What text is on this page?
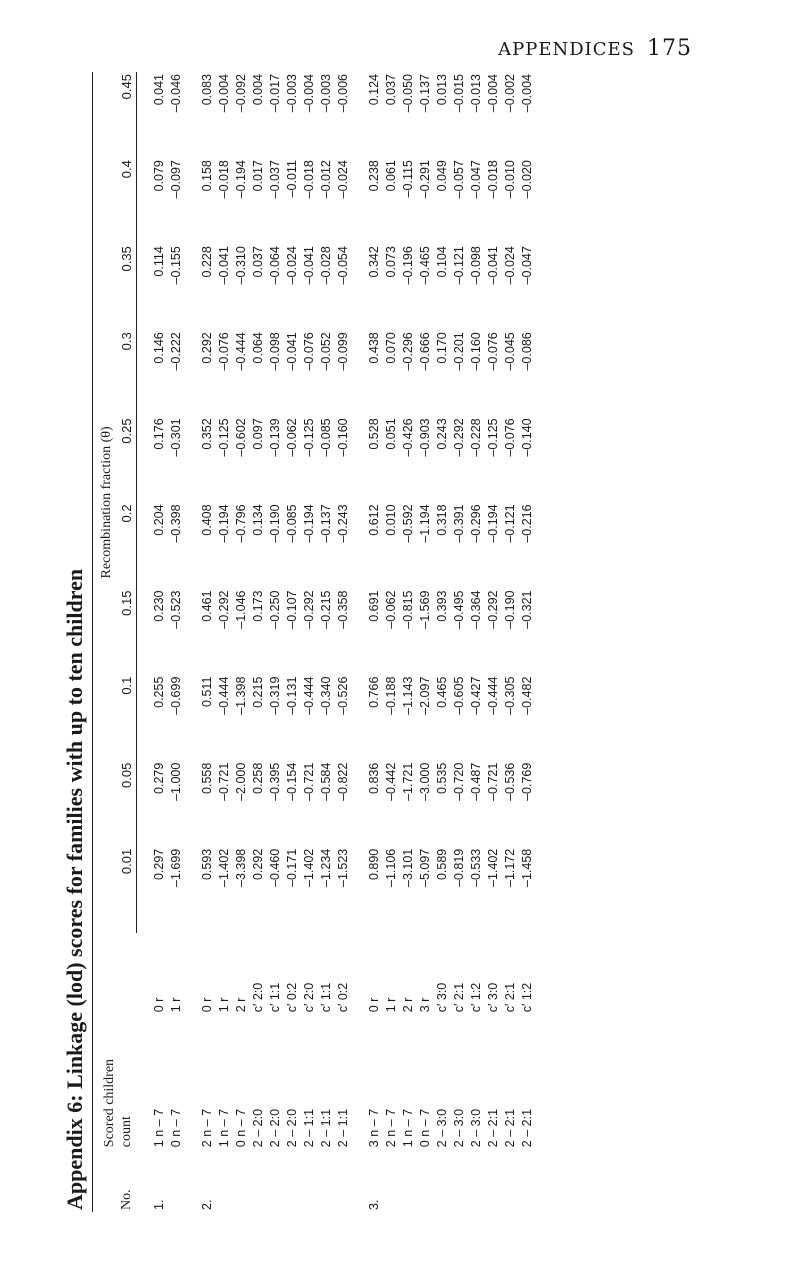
APPENDICES 175
Appendix 6: Linkage (lod) scores for families with up to ten children No.	Scored children count		Recombination fraction (θ)									
			0.01	0.05	0.1	0.15	0.2	0.25	0.3	0.35	0.4	0.45
1.	1 n – 7	0 r	0.297	0.279	0.255	0.230	0.204	0.176	0.146	0.114	0.079	0.041
	0 n – 7	1 r	–1.699	–1.000	–0.699	–0.523	–0.398	–0.301	–0.222	–0.155	–0.097	–0.046
2.	2 n – 7	0 r	0.593	0.558	0.511	0.461	0.408	0.352	0.292	0.228	0.158	0.083
	1 n – 7	1 r	–1.402	–0.721	–0.444	–0.292	–0.194	–0.125	–0.076	–0.041	–0.018	–0.004
	0 n – 7	2 r	–3.398	–2.000	–1.398	–1.046	–0.796	–0.602	–0.444	–0.310	–0.194	–0.092
	2 – 2:0	c′ 2:0	0.292	0.258	0.215	0.173	0.134	0.097	0.064	0.037	0.017	0.004
	2 – 2:0	c′ 1:1	–0.460	–0.395	–0.319	–0.250	–0.190	–0.139	–0.098	–0.064	–0.037	–0.017
	2 – 2:0	c′ 0:2	–0.171	–0.154	–0.131	–0.107	–0.085	–0.062	–0.041	–0.024	–0.011	–0.003
	2 – 1:1	c′ 2:0	–1.402	–0.721	–0.444	–0.292	–0.194	–0.125	–0.076	–0.041	–0.018	–0.004
	2 – 1:1	c′ 1:1	–1.234	–0.584	–0.340	–0.215	–0.137	–0.085	–0.052	–0.028	–0.012	–0.003
	2 – 1:1	c′ 0:2	–1.523	–0.822	–0.526	–0.358	–0.243	–0.160	–0.099	–0.054	–0.024	–0.006
3.	3 n – 7	0 r	0.890	0.836	0.766	0.691	0.612	0.528	0.438	0.342	0.238	0.124
	2 n – 7	1 r	–1.106	–0.442	–0.188	–0.062	0.010	0.051	0.070	0.073	0.061	0.037
	1 n – 7	2 r	–3.101	–1.721	–1.143	–0.815	–0.592	–0.426	–0.296	–0.196	–0.115	–0.050
	0 n – 7	3 r	–5.097	–3.000	–2.097	–1.569	–1.194	–0.903	–0.666	–0.465	–0.291	–0.137
	2 – 3:0	c′ 3:0	0.589	0.535	0.465	0.393	0.318	0.243	0.170	0.104	0.049	0.013
	2 – 3:0	c′ 2:1	–0.819	–0.720	–0.605	–0.495	–0.391	–0.292	–0.201	–0.121	–0.057	–0.015
	2 – 3:0	c′ 1:2	–0.533	–0.487	–0.427	–0.364	–0.296	–0.228	–0.160	–0.098	–0.047	–0.013
	2 – 2:1	c′ 3:0	–1.402	–0.721	–0.444	–0.292	–0.194	–0.125	–0.076	–0.041	–0.018	–0.004
	2 – 2:1	c′ 2:1	–1.172	–0.536	–0.305	–0.190	–0.121	–0.076	–0.045	–0.024	–0.010	–0.002
	2 – 2:1	c′ 1:2	–1.458	–0.769	–0.482	–0.321	–0.216	–0.140	–0.086	–0.047	–0.020	–0.004
